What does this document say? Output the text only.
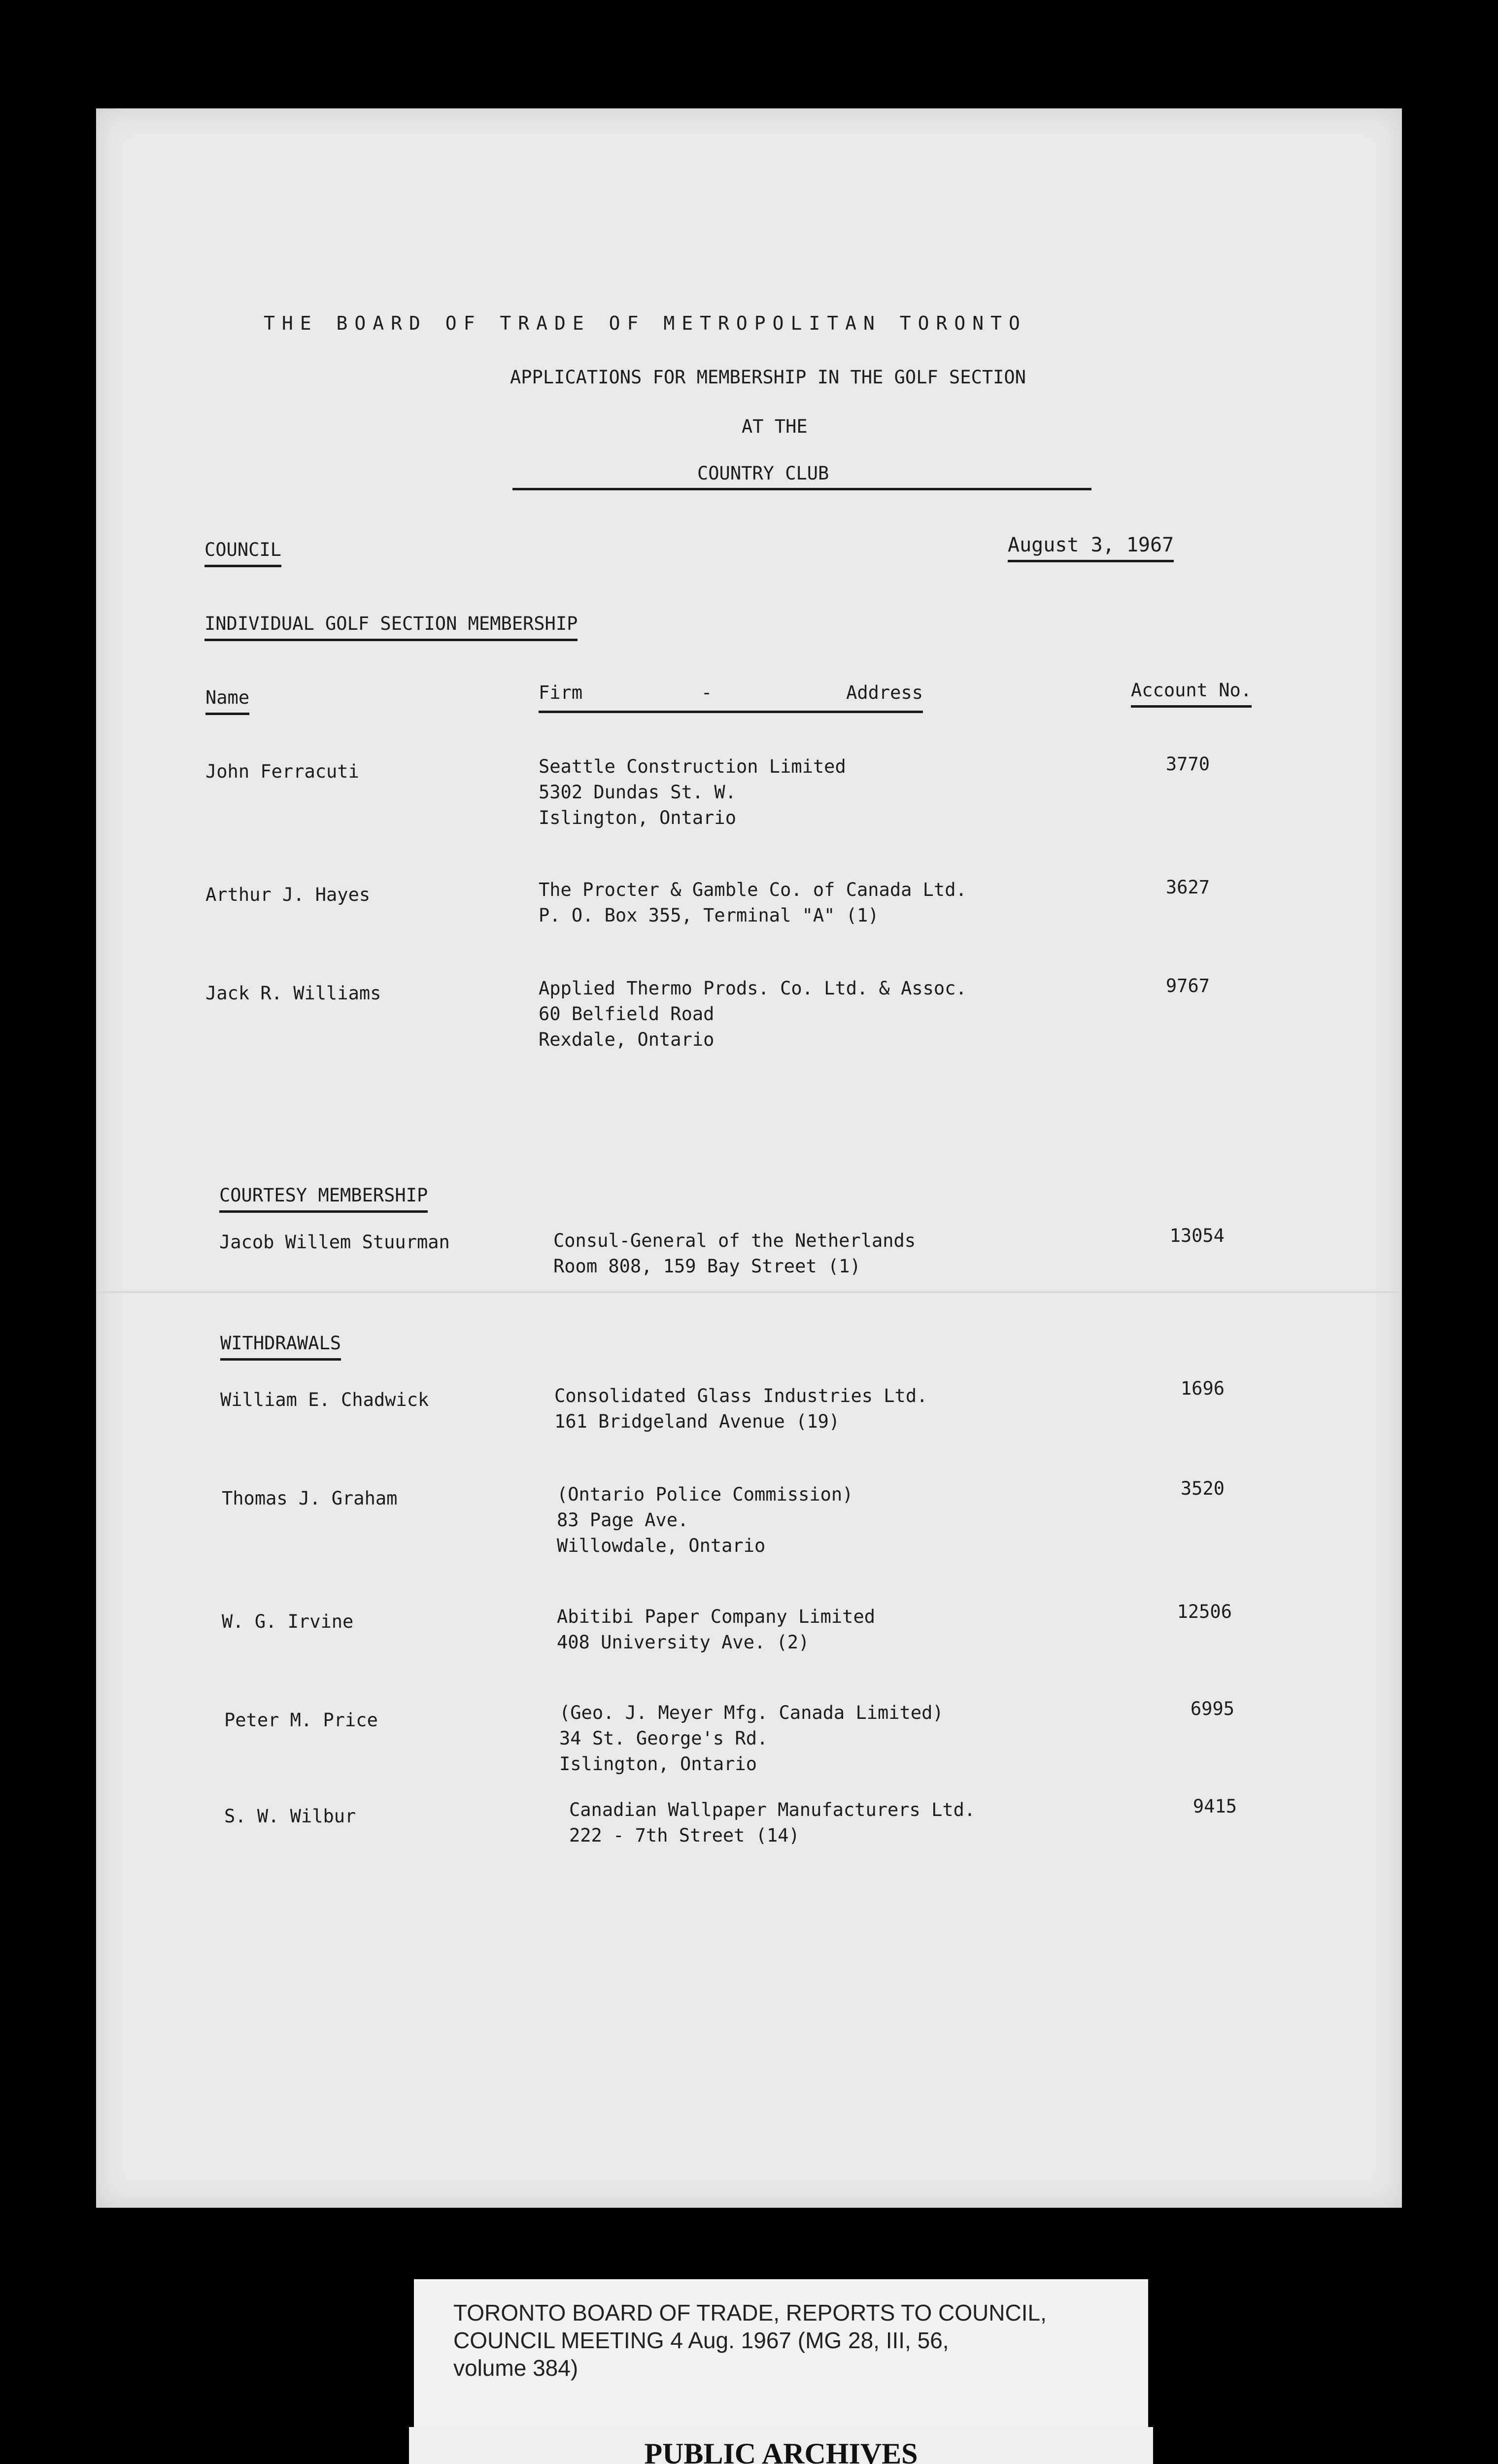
THE BOARD OF TRADE OF METROPOLITAN TORONTO
APPLICATIONS FOR MEMBERSHIP IN THE GOLF SECTION
AT THE
COUNTRY CLUB
COUNCIL	August 3, 1967
INDIVIDUAL GOLF SECTION MEMBERSHIP
Name	Firm	-	Address	Account No.
John Ferracuti	Seattle Construction Limited
5302 Dundas St. W.
Islington, Ontario
3770
Arthur J. Hayes	The Procter & Gamble Co. of Canada Ltd.
P. O. Box 355, Terminal "A" (1)
3627
Jack R. Williams	Applied Thermo Prods. Co. Ltd. & Assoc.
60 Belfield Road
Rexdale, Ontario
9767
COURTESY MEMBERSHIP
Jacob Willem Stuurman	Consul-General of the Netherlands
Room 808, 159 Bay Street (1)
13054
WITHDRAWALS
William E. Chadwick	Consolidated Glass Industries Ltd.
161 Bridgeland Avenue (19)
1696
Thomas J. Graham	(Ontario Police Commission)
83 Page Ave.
Willowdale, Ontario
3520
W. G. Irvine	Abitibi Paper Company Limited
408 University Ave. (2)
12506
Peter M. Price	(Geo. J. Meyer Mfg. Canada Limited)
34 St. George's Rd.
Islington, Ontario
6995
S. W. Wilbur	Canadian Wallpaper Manufacturers Ltd.
222 - 7th Street (14)
9415
TORONTO BOARD OF TRADE, REPORTS TO COUNCIL,
COUNCIL MEETING 4 Aug. 1967 (MG 28, III, 56,
volume 384)
PUBLIC ARCHIVES
